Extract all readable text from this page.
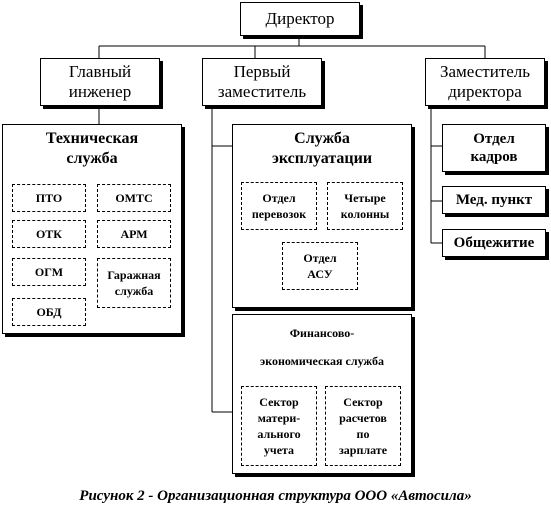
Директор
Главный
инженер
Первый
заместитель
Заместитель
директора
Техническая
служба
ПТО	ОМТС
ОТК	АРМ
ОГМ	Гаражная
служба
ОБД
Служба
эксплуатации
Отдел
перевозок
Четыре
колонны
Отдел
АСУ
Финансово-
экономическая служба
Сектор
матери-
ального
учета
Сектор
расчетов
по
зарплате
Отдел
кадров
Мед. пункт
Общежитие
Рисунок 2 - Организационная структура ООО «Автосила»
